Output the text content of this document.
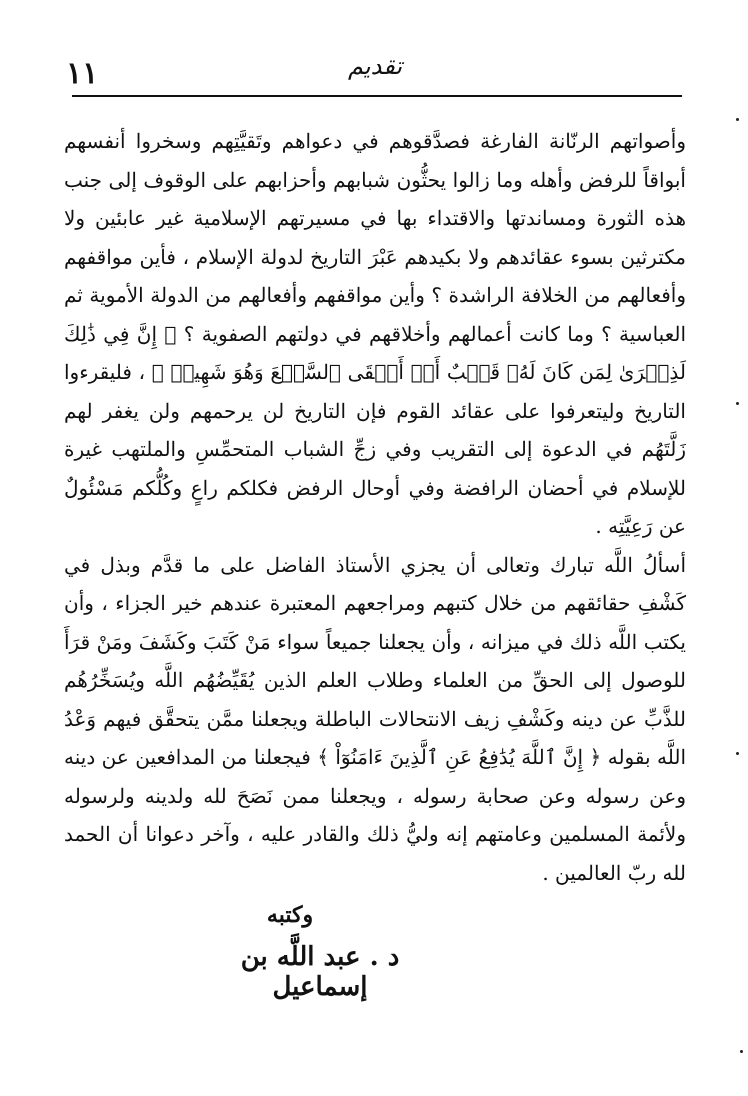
١١	تقديم

وأصواتهم الرنّانة الفارغة فصدَّقوهم في دعواهم وتَقيَّتِهم وسخروا أنفسهم أبواقاً للرفض وأهله وما زالوا يحثُّون شبابهم وأحزابهم على الوقوف إلى جنب هذه الثورة ومساندتها والاقتداء بها في مسيرتهم الإسلامية غير عابئين ولا مكترثين بسوء عقائدهم ولا بكيدهم عَبْرَ التاريخ لدولة الإسلام ، فأين مواقفهم وأفعالهم من الخلافة الراشدة ؟ وأين مواقفهم وأفعالهم من الدولة الأموية ثم العباسية ؟ وما كانت أعمالهم وأخلاقهم في دولتهم الصفوية ؟ ﴿ إِنَّ فِي ذَٰلِكَ لَذِكۡرَىٰ لِمَن كَانَ لَهُۥ قَلۡبٌ أَوۡ أَلۡقَى ٱلسَّمۡعَ وَهُوَ شَهِيدٞ ﴾ ، فليقرءوا التاريخ وليتعرفوا على عقائد القوم فإن التاريخ لن يرحمهم ولن يغفر لهم زَلَّتَهُم في الدعوة إلى التقريب وفي زجِّ الشباب المتحمِّسِ والملتهب غيرة للإسلام في أحضان الرافضة وفي أوحال الرفض فكلكم راعٍ وكُلُّكم مَسْئُولٌ عن رَعِيَّتِه .

أسألُ اللَّه تبارك وتعالى أن يجزي الأستاذ الفاضل على ما قدَّم وبذل في كَشْفِ حقائقهم من خلال كتبهم ومراجعهم المعتبرة عندهم خير الجزاء ، وأن يكتب اللَّه ذلك في ميزانه ، وأن يجعلنا جميعاً سواء مَنْ كَتَبَ وكَشَفَ ومَنْ قرَأَ للوصول إلى الحقِّ من العلماء وطلاب العلم الذين يُقَيِّضُهُم اللَّه ويُسَخِّرُهُم للذَّبِّ عن دينه وكَشْفِ زيف الانتحالات الباطلة ويجعلنا ممَّن يتحقَّق فيهم وَعْدُ اللَّه بقوله ﴿ إِنَّ ٱللَّهَ يُدَٰفِعُ عَنِ ٱلَّذِينَ ءَامَنُوٓاْ ﴾ فيجعلنا من المدافعين عن دينه وعن رسوله وعن صحابة رسوله ، ويجعلنا ممن نَصَحَ لله ولدينه ولرسوله ولأئمة المسلمين وعامتهم إنه وليُّ ذلك والقادر عليه ، وآخر دعوانا أن الحمد لله ربّ العالمين .

وكتبه
د . عبد اللَّه بن إسماعيل
